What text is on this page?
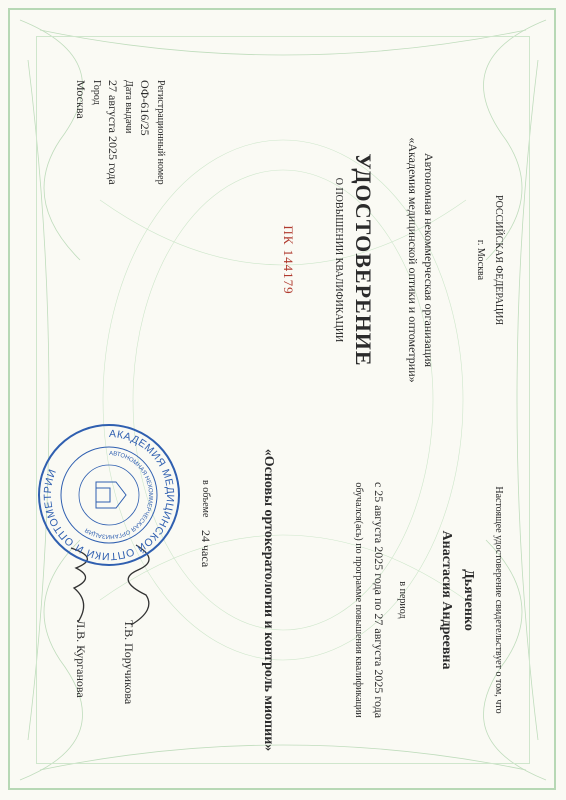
РОССИЙСКАЯ ФЕДЕРАЦИЯ
г. Москва
Автономная некоммерческая организация
«Академия медицинской оптики и оптометрии»
УДОСТОВЕРЕНИЕ
О ПОВЫШЕНИИ КВАЛИФИКАЦИИ
ПК 144179
Регистрационный номер
ОФ-616/25
Дата выдачи
27 августа 2025 года
Город
Москва
Настоящее удостоверение свидетельствует о том, что
Дьяченко
Анастасия Андреевна
в период
с 25 августа 2025 года по 27 августа 2025 года
обучался(ась) по программе повышения квалификации
«Основы ортокератологии и контроль миопии»
в объеме
24 часа
Т.В. Поручикова
Л.В. Курганова
АКАДЕМИЯ МЕДИЦИНСКОЙ ОПТИКИ И ОПТОМЕТРИИ
АВТОНОМНАЯ НЕКОММЕРЧЕСКАЯ ОРГАНИЗАЦИЯ
